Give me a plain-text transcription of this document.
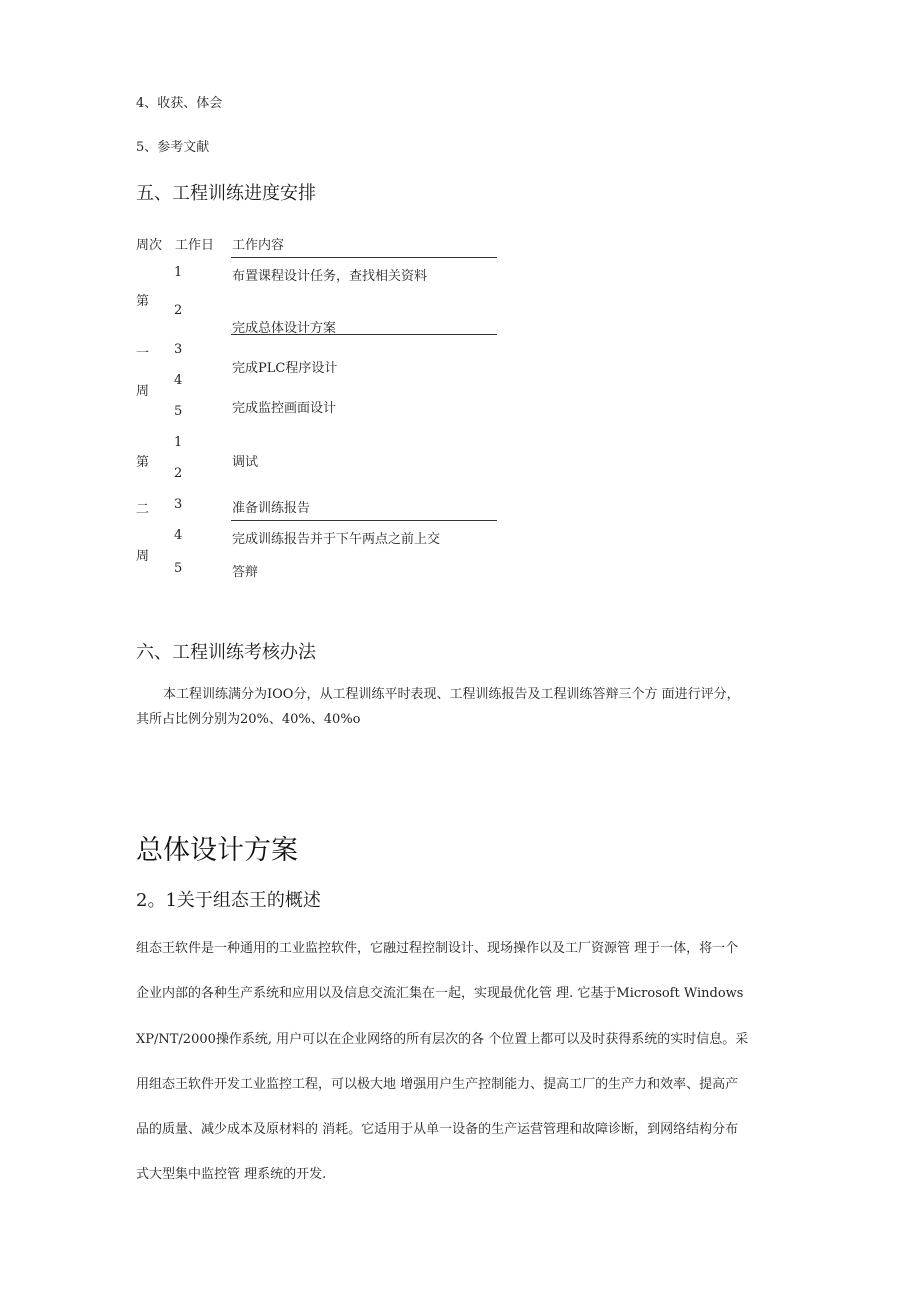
4、收获、体会
5、参考文献
五、工程训练进度安排
周次 工作日 工作内容
第
一
周
第
二
周
1
2
3
4
5
1
2
3
4
5
布置课程设计任务，查找相关资料
完成总体设计方案
完成PLC程序设计
完成监控画面设计
调试
准备训练报告
完成训练报告并于下午两点之前上交
答辩
六、工程训练考核办法
本工程训练满分为IOO分，从工程训练平时表现、工程训练报告及工程训练答辩三个方 面进行评分，
其所占比例分别为20%、40%、40%o
总体设计方案
2。1关于组态王的概述
组态王软件是一种通用的工业监控软件，它融过程控制设计、现场操作以及工厂资源管 理于一体，将一个
企业内部的各种生产系统和应用以及信息交流汇集在一起，实现最优化管 理. 它基于Microsoft Windows
XP/NT/2000操作系统, 用户可以在企业网络的所有层次的各 个位置上都可以及时获得系统的实时信息。采
用组态王软件开发工业监控工程，可以极大地 增强用户生产控制能力、提高工厂的生产力和效率、提高产
品的质量、减少成本及原材料的 消耗。它适用于从单一设备的生产运营管理和故障诊断，到网络结构分布
式大型集中监控管 理系统的开发.
